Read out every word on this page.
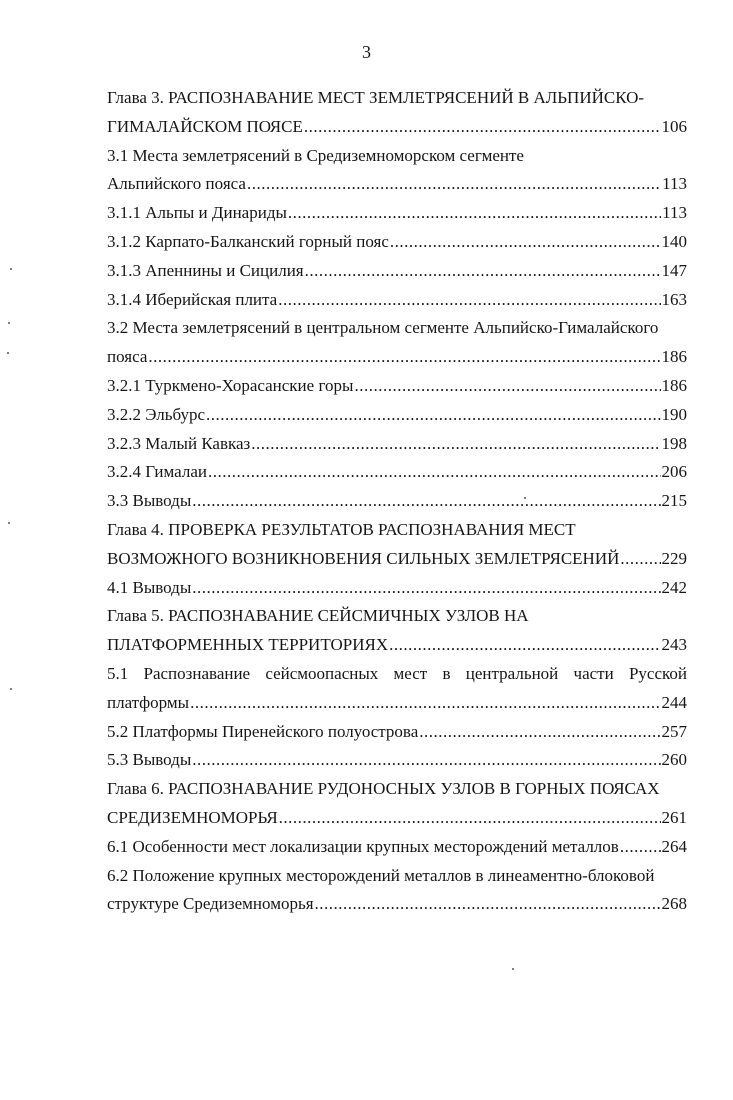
3
Глава 3. РАСПОЗНАВАНИЕ МЕСТ ЗЕМЛЕТРЯСЕНИЙ В АЛЬПИЙСКО-
ГИМАЛАЙСКОМ ПОЯСЕ .....	106
3.1 Места землетрясений в Средиземноморском сегменте
Альпийского пояса .....	113
3.1.1 Альпы и Динариды .....	113
3.1.2 Карпато-Балканский горный пояс .....	140
3.1.3 Апеннины и Сицилия .....	147
3.1.4 Иберийская плита .....	163
3.2 Места землетрясений в центральном сегменте Альпийско-Гималайского
пояса .....	186
3.2.1 Туркмено-Хорасанские горы .....	186
3.2.2 Эльбурс .....	190
3.2.3 Малый Кавказ .....	198
3.2.4 Гималаи .....	206
3.3 Выводы .....	215
Глава 4. ПРОВЕРКА РЕЗУЛЬТАТОВ РАСПОЗНАВАНИЯ МЕСТ
ВОЗМОЖНОГО ВОЗНИКНОВЕНИЯ СИЛЬНЫХ ЗЕМЛЕТРЯСЕНИЙ ..... 229
4.1 Выводы .....	242
Глава 5. РАСПОЗНАВАНИЕ СЕЙСМИЧНЫХ УЗЛОВ НА
ПЛАТФОРМЕННЫХ ТЕРРИТОРИЯХ .....	243
5.1 Распознавание сейсмоопасных мест в центральной части Русской
платформы .....	244
5.2 Платформы Пиренейского полуострова .....	257
5.3 Выводы .....	260
Глава 6. РАСПОЗНАВАНИЕ РУДОНОСНЫХ УЗЛОВ В ГОРНЫХ ПОЯСАХ
СРЕДИЗЕМНОМОРЬЯ .....	261
6.1 Особенности мест локализации крупных месторождений металлов .....	264
6.2 Положение крупных месторождений металлов в линеаментно-блоковой
структуре Средиземноморья .....	268
